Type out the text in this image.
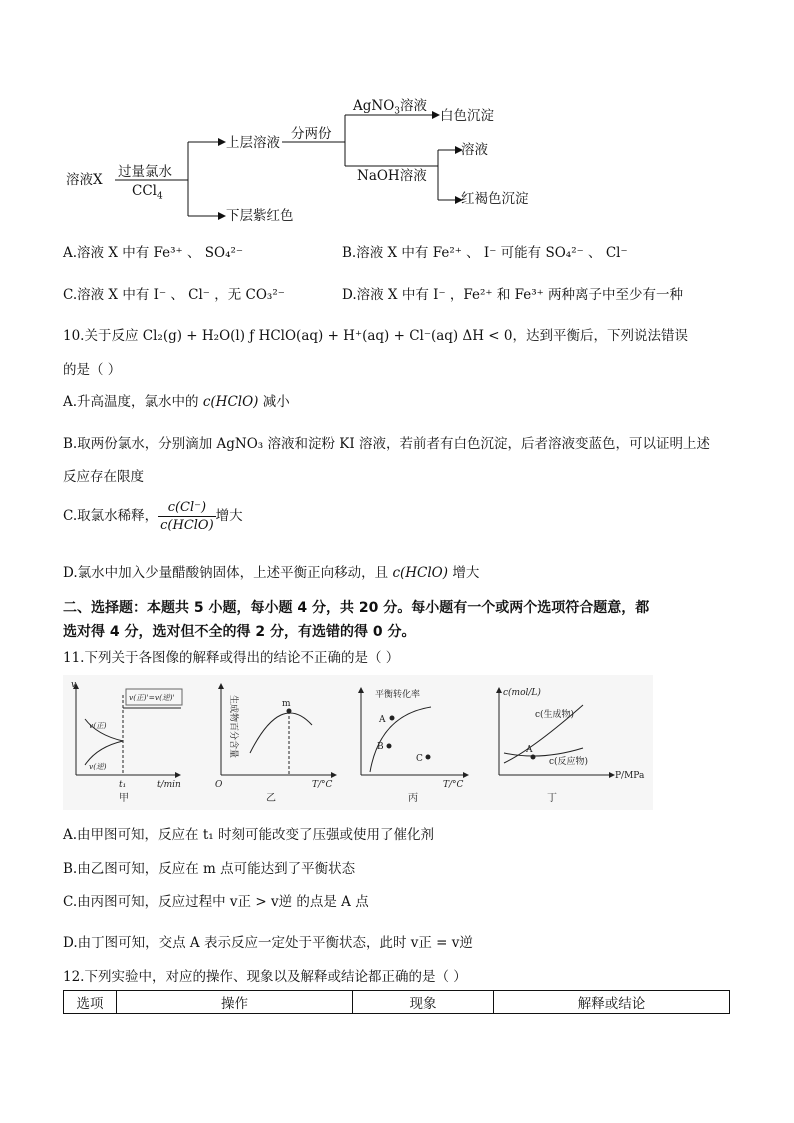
溶液X 过量氯水
CCl$_4$
上层溶液
下层紫红色
分两份
AgNO$_3$溶液
白色沉淀
NaOH溶液
溶液
红褐色沉淀
A.溶液 X 中有 Fe³⁺ 、 SO₄²⁻	B.溶液 X 中有 Fe²⁺ 、 I⁻ 可能有 SO₄²⁻ 、 Cl⁻
C.溶液 X 中有 I⁻ 、 Cl⁻ ，无 CO₃²⁻	D.溶液 X 中有 I⁻ ，Fe²⁺ 和 Fe³⁺ 两种离子中至少有一种
10.关于反应 Cl₂(g) + H₂O(l) ƒ HClO(aq) + H⁺(aq) + Cl⁻(aq) ΔH < 0，达到平衡后，下列说法错误
的是（ ）
A.升高温度，氯水中的 c(HClO) 减小
B.取两份氯水，分别滴加 AgNO₃ 溶液和淀粉 KI 溶液，若前者有白色沉淀，后者溶液变蓝色，可以证明上述
反应存在限度
C.取氯水稀释， $\frac{c(Cl^-)}{\text{c(HClO)}}$ 增大
D.氯水中加入少量醋酸钠固体，上述平衡正向移动，且 c(HClO) 增大
二、选择题：本题共 5 小题，每小题 4 分，共 20 分。每小题有一个或两个选项符合题意，都
选对得 4 分，选对但不全的得 2 分，有选错的得 0 分。
11.下列关于各图像的解释或得出的结论不正确的是（ ）
v
t/min
t₁
v(正)'=v(逆)'
v(正)
v(逆)
甲
O
m
T/°C
生成物百分含量
乙
平衡转化率
A
B
C
T/°C
丙
c(mol/L)
c(生成物)
c(反应物)
A
P/MPa
丁
A.由甲图可知，反应在 t₁ 时刻可能改变了压强或使用了催化剂
B.由乙图可知，反应在 m 点可能达到了平衡状态
C.由丙图可知，反应过程中 v正 > v逆 的点是 A 点
D.由丁图可知，交点 A 表示反应一定处于平衡状态，此时 v正 = v逆
12.下列实验中，对应的操作、现象以及解释或结论都正确的是（ ）
选项	操作	现象	解释或结论
